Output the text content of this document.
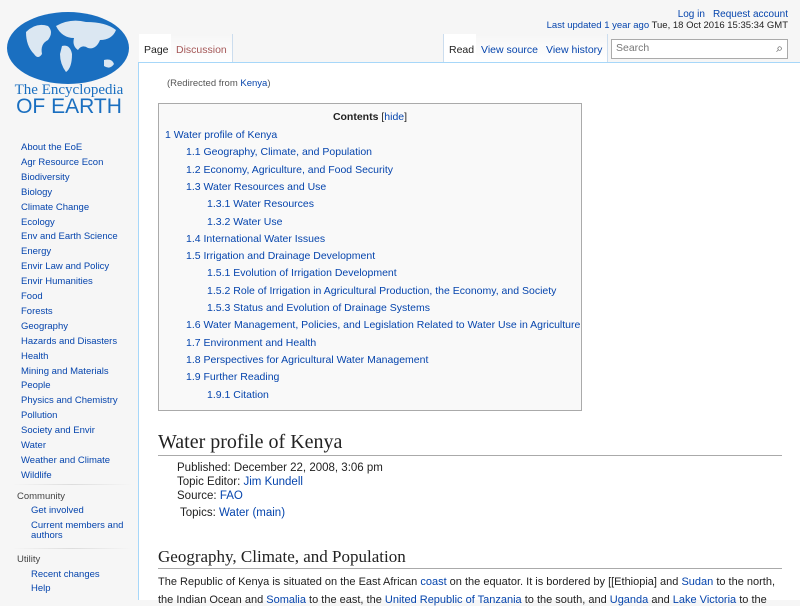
The Encyclopedia
OF EARTH
About the EoE
Agr Resource Econ
Biodiversity
Biology
Climate Change
Ecology
Env and Earth Science
Energy
Envir Law and Policy
Envir Humanities
Food
Forests
Geography
Hazards and Disasters
Health
Mining and Materials
People
Physics and Chemistry
Pollution
Society and Envir
Water
Weather and Climate
Wildlife
Community
Get involved
Current members and authors
Utility
Recent changes
Help
Log in Request account
Last updated 1 year ago Tue, 18 Oct 2016 15:35:34 GMT
Page Discussion	Read View source View history	Search	⌕
(Redirected from Kenya)
Contents [hide]
1 Water profile of Kenya
1.1 Geography, Climate, and Population
1.2 Economy, Agriculture, and Food Security
1.3 Water Resources and Use
1.3.1 Water Resources
1.3.2 Water Use
1.4 International Water Issues
1.5 Irrigation and Drainage Development
1.5.1 Evolution of Irrigation Development
1.5.2 Role of Irrigation in Agricultural Production, the Economy, and Society
1.5.3 Status and Evolution of Drainage Systems
1.6 Water Management, Policies, and Legislation Related to Water Use in Agriculture
1.7 Environment and Health
1.8 Perspectives for Agricultural Water Management
1.9 Further Reading
1.9.1 Citation
Water profile of Kenya
Published: December 22, 2008, 3:06 pm
Topic Editor: Jim Kundell
Source: FAO
Topics: Water (main)
Geography, Climate, and Population
The Republic of Kenya is situated on the East African coast on the equator. It is bordered by [[Ethiopia] and Sudan to the north,
the Indian Ocean and Somalia to the east, the United Republic of Tanzania to the south, and Uganda and Lake Victoria to the
